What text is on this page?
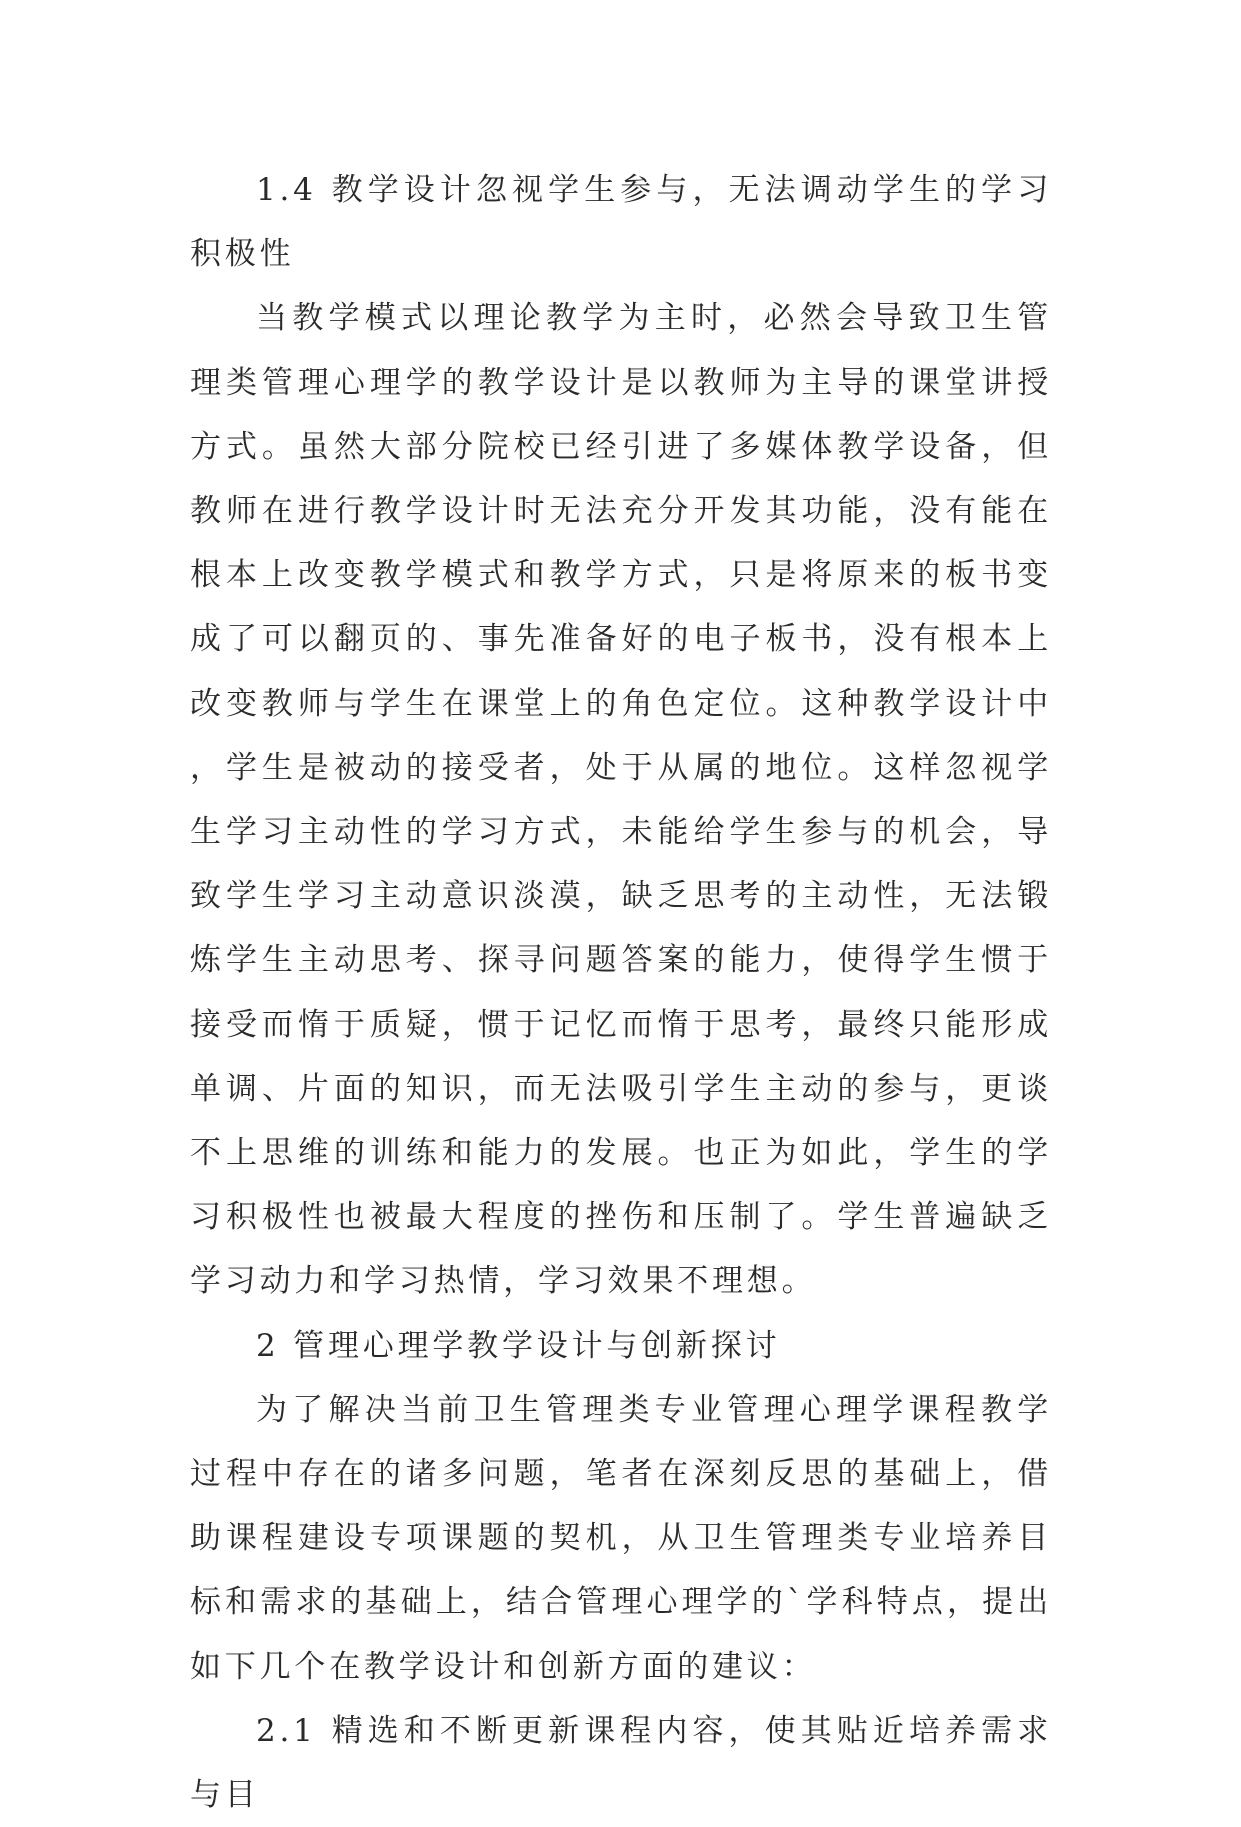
1.4 教学设计忽视学生参与，无法调动学生的学习积极性

当教学模式以理论教学为主时，必然会导致卫生管理类管理心理学的教学设计是以教师为主导的课堂讲授方式。虽然大部分院校已经引进了多媒体教学设备，但教师在进行教学设计时无法充分开发其功能，没有能在根本上改变教学模式和教学方式，只是将原来的板书变成了可以翻页的、事先准备好的电子板书，没有根本上改变教师与学生在课堂上的角色定位。这种教学设计中，学生是被动的接受者，处于从属的地位。这样忽视学生学习主动性的学习方式，未能给学生参与的机会，导致学生学习主动意识淡漠，缺乏思考的主动性，无法锻炼学生主动思考、探寻问题答案的能力，使得学生惯于接受而惰于质疑，惯于记忆而惰于思考，最终只能形成单调、片面的知识，而无法吸引学生主动的参与，更谈不上思维的训练和能力的发展。也正为如此，学生的学习积极性也被最大程度的挫伤和压制了。学生普遍缺乏学习动力和学习热情，学习效果不理想。

2 管理心理学教学设计与创新探讨

为了解决当前卫生管理类专业管理心理学课程教学过程中存在的诸多问题，笔者在深刻反思的基础上，借助课程建设专项课题的契机，从卫生管理类专业培养目标和需求的基础上，结合管理心理学的`学科特点，提出如下几个在教学设计和创新方面的建议：

2.1 精选和不断更新课程内容，使其贴近培养需求与目
